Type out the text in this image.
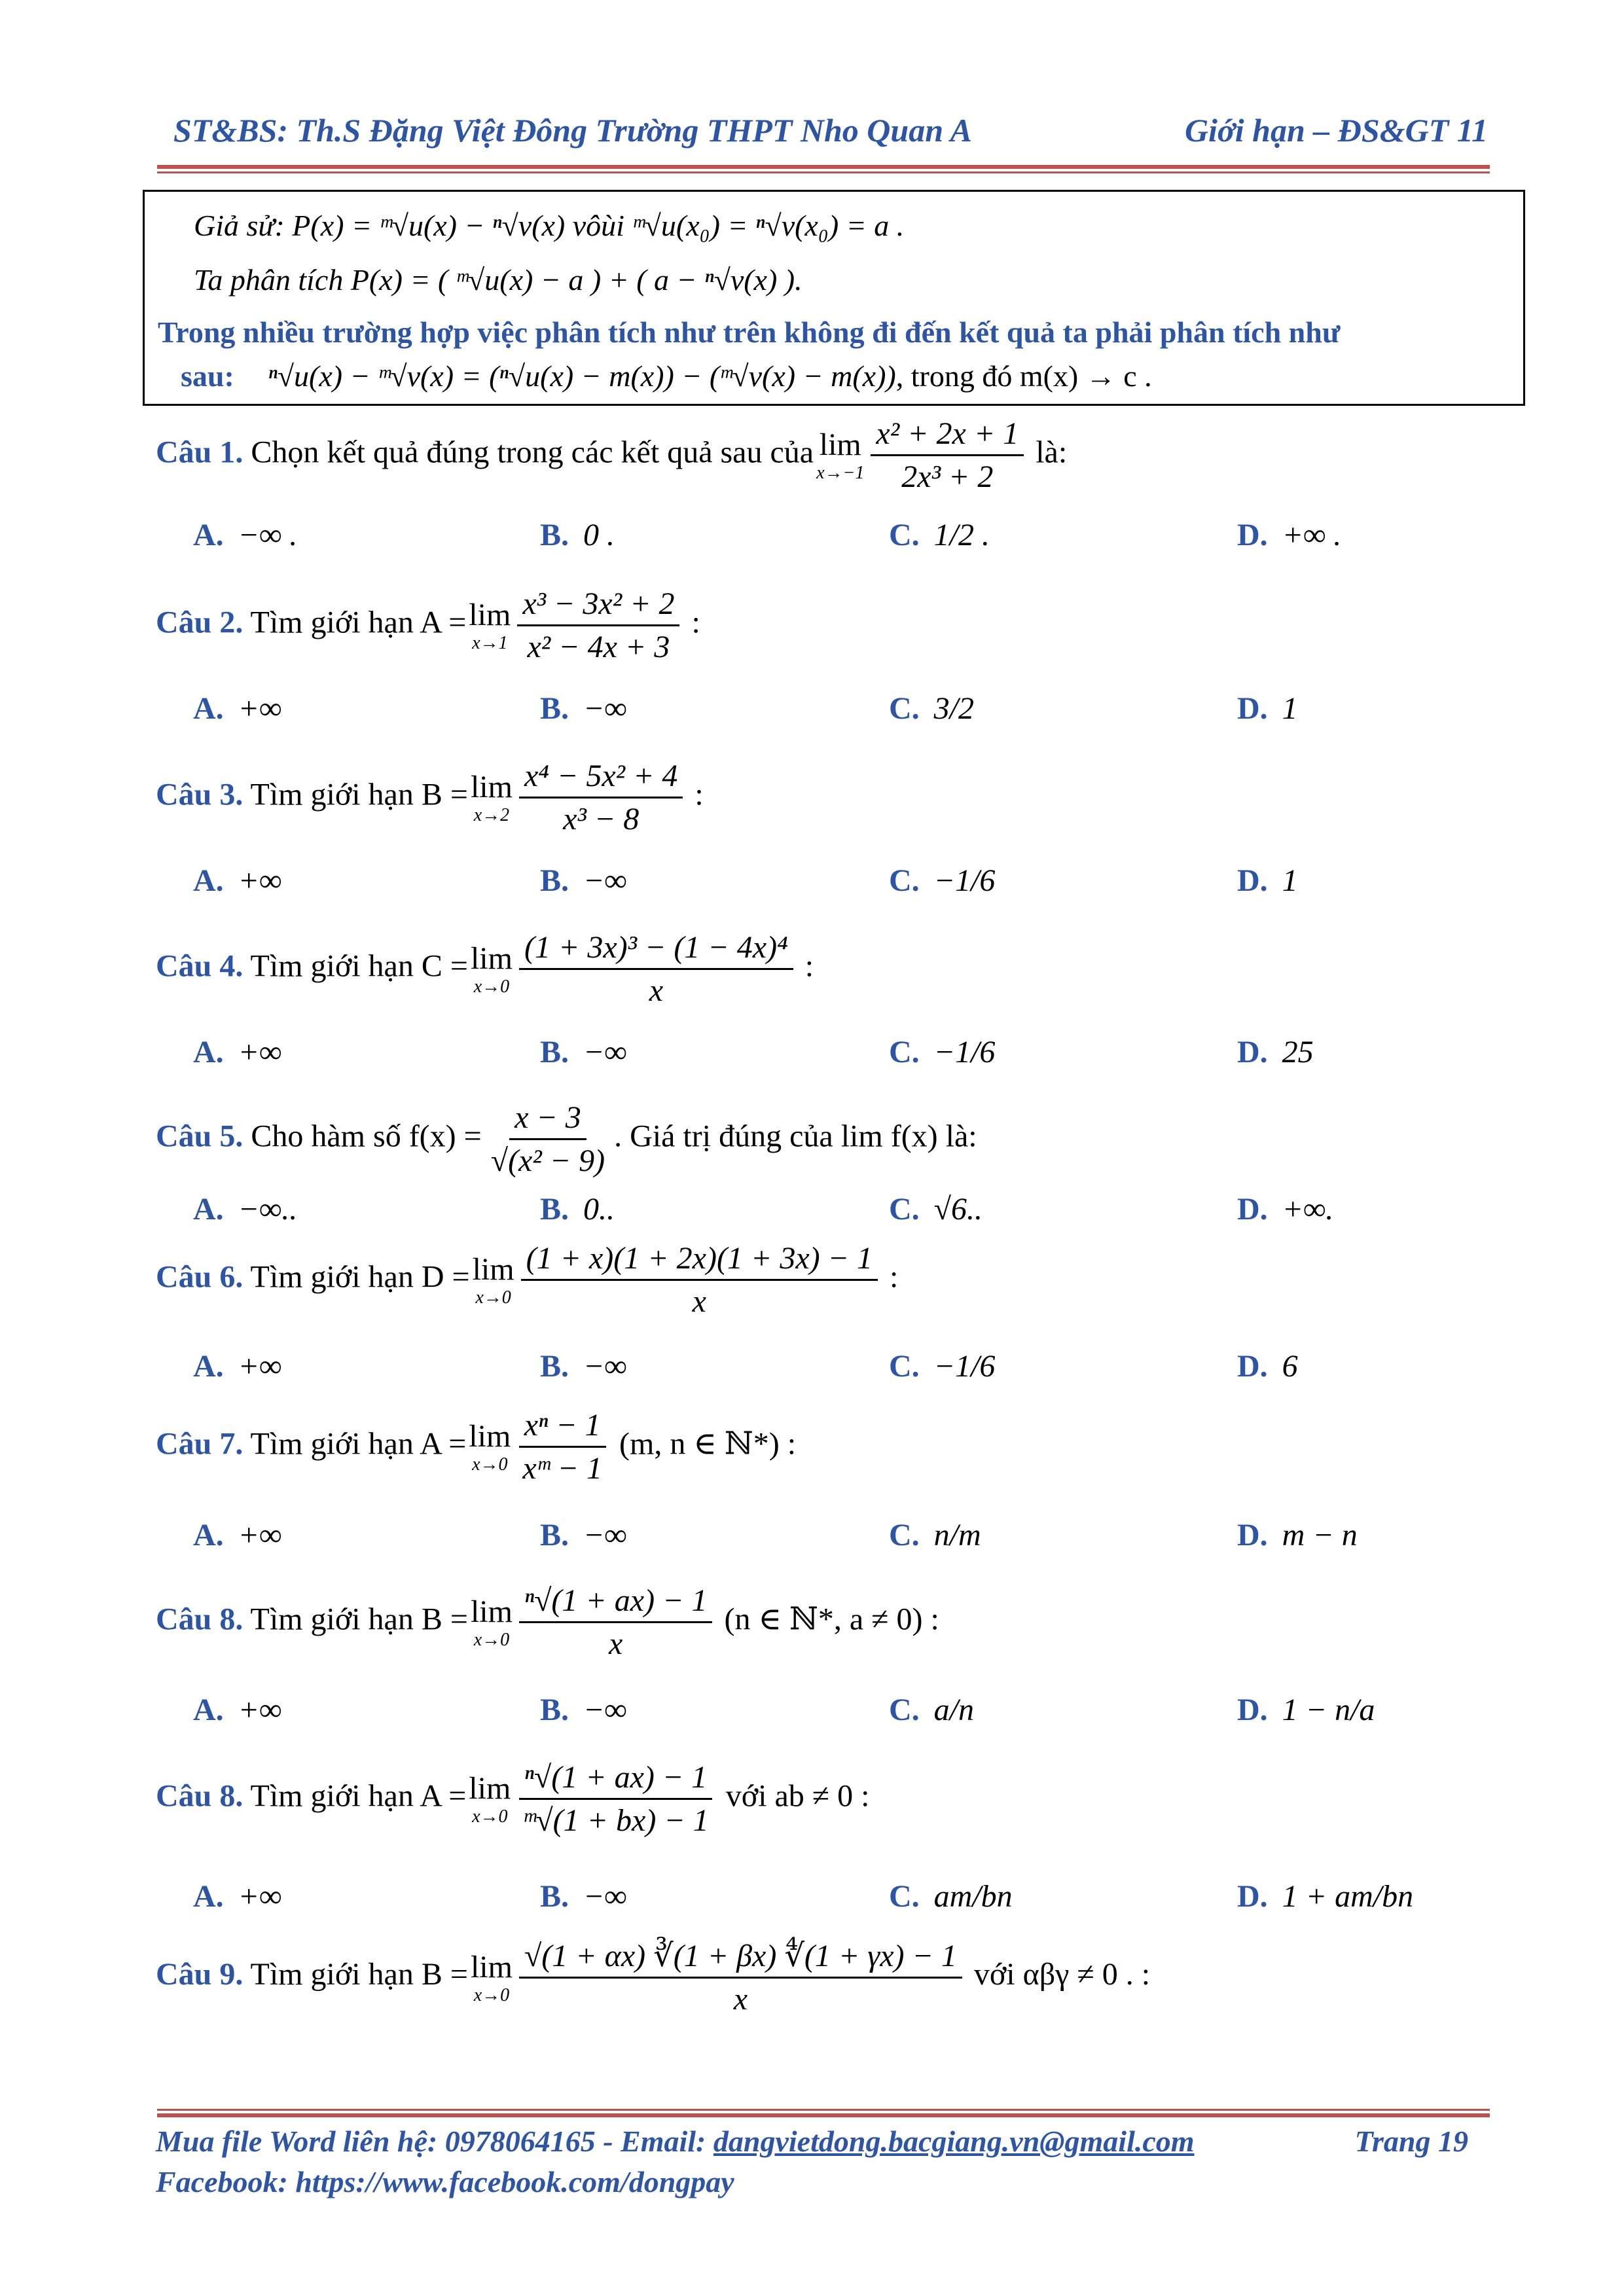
ST&BS: Th.S Đặng Việt Đông Trường THPT Nho Quan A	Giới hạn – ĐS&GT 11
Giả sử: P(x) = ᵐ√u(x) − ⁿ√v(x) vôùi ᵐ√u(x₀) = ⁿ√v(x₀) = a .
Ta phân tích P(x) = ( ᵐ√u(x) − a ) + ( a − ⁿ√v(x) ).
Trong nhiều trường hợp việc phân tích như trên không đi đến kết quả ta phải phân tích như
sau: ⁿ√u(x) − ᵐ√v(x) = (ⁿ√u(x) − m(x)) − (ᵐ√v(x) − m(x)), trong đó m(x) → c .
Câu 1. Chọn kết quả đúng trong các kết quả sau của lim
$x\to-1 \frac{\text{x² + 2x + 1}}{\text{2x³ + 2}}$ là:
A. −∞ .	B. 0 .	C. 1/2 .	D. +∞ .
Câu 2. Tìm giới hạn A = lim
$x\to 1 \frac{\text{x³ − 3x² + 2}}{\text{x² − 4x + 3}}$ :
A. +∞	B. −∞	C. 3/2	D. 1
Câu 3. Tìm giới hạn B = lim
$x\to 2 \frac{\text{x⁴ − 5x² + 4}}{\text{x³ − 8}}$ :
A. +∞	B. −∞	C. −1/6	D. 1
Câu 4. Tìm giới hạn C = lim
$x\to 0 \frac{\text{(1 + 3x)³ − (1 − 4x)⁴}}{x}$ :
A. +∞	B. −∞	C. −1/6	D. 25
Câu 5. Cho hàm số $f(x) = \frac{x - 3}{\text{√(x² − 9)}}$ . Giá trị đúng của lim f(x) là:
A. −∞..	B. 0..	C. √6..	D. +∞.
Câu 6. Tìm giới hạn D = lim
$x\to 0 \frac{(1 + x)(1 + 2x)(1 + 3x) - 1}{x}$ :
A. +∞	B. −∞	C. −1/6	D. 6
Câu 7. Tìm giới hạn A = lim
$x\to 0 \frac{\text{xⁿ − 1}}{\text{xᵐ − 1}} (m$, n ∈ ℕ*) :
A. +∞	B. −∞	C. n/m	D. m − n
Câu 8. Tìm giới hạn B = lim
$x\to 0 \frac{\text{ⁿ√(1 + ax) − 1}}{x} (n$ ∈ ℕ*, a ≠ 0) :
A. +∞	B. −∞	C. a/n	D. 1 − n/a
Câu 8. Tìm giới hạn A = lim
$x\to 0 \frac{\text{ⁿ√(1 + ax) − 1}}{\text{ᵐ√(1 + bx) − 1}}$ với ab ≠ 0 :
A. +∞	B. −∞	C. am/bn	D. 1 + am/bn
Câu 9. Tìm giới hạn B = lim
$x\to 0 \frac{√(1 + \alpha x) ∛(1 + \beta x) ∜(1 + \gamma x) - 1}{x}$ với αβγ ≠ 0 . :
Mua file Word liên hệ: 0978064165 - Email: dangvietdong.bacgiang.vn@gmail.com	Trang 19
Facebook: https://www.facebook.com/dongpay
